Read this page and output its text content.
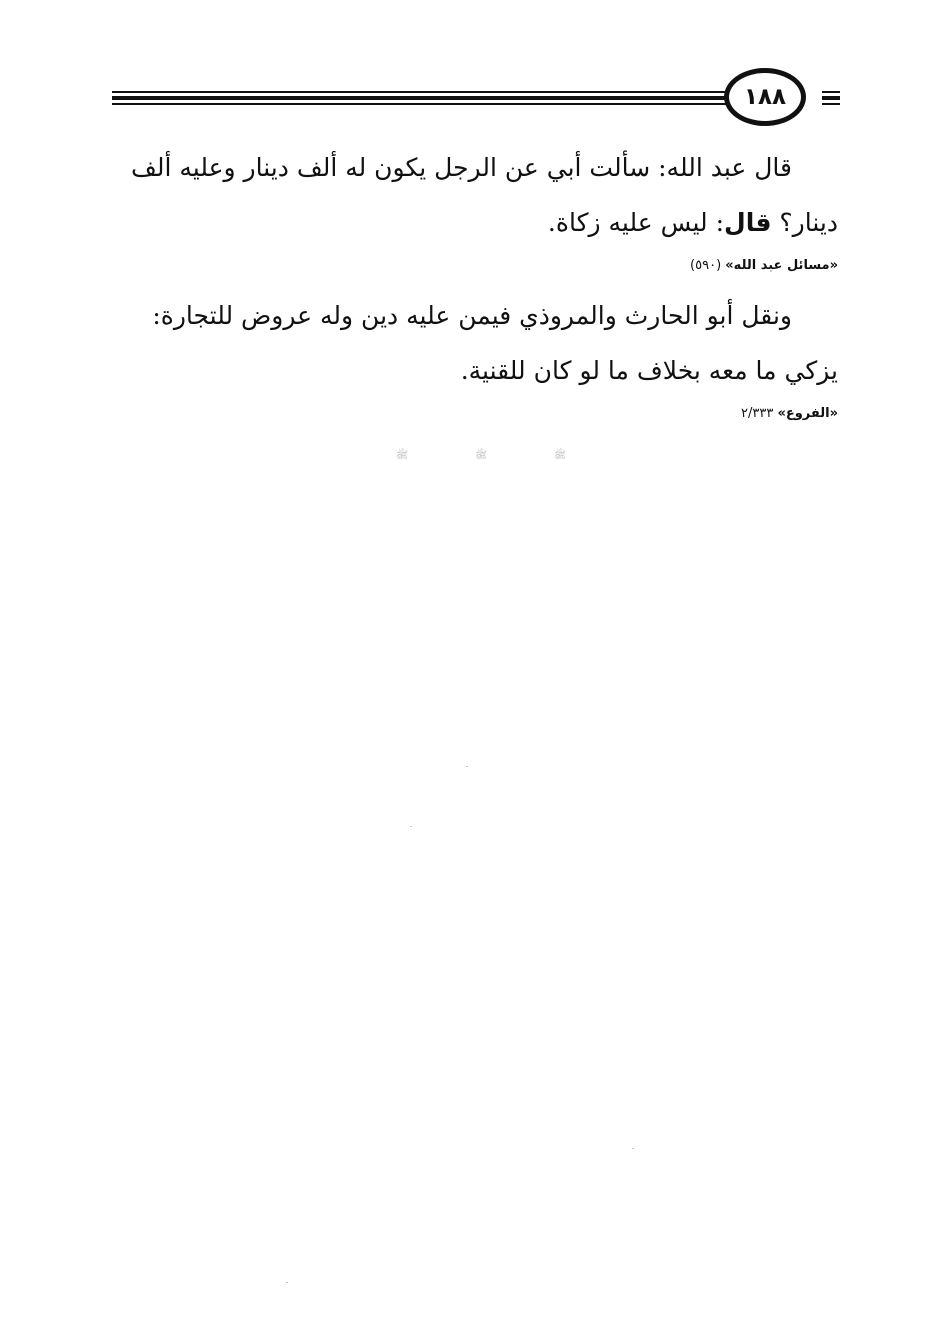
١٨٨

قال عبد الله: سألت أبي عن الرجل يكون له ألف دينار وعليه ألف دينار؟ قال: ليس عليه زكاة.

«مسائل عبد الله» (٥٩٠)

ونقل أبو الحارث والمروذي فيمن عليه دين وله عروض للتجارة: يزكي ما معه بخلاف ما لو كان للقنية.

«الفروع» ٢/٣٣٣
ﷺ	ﷺ	ﷺ
